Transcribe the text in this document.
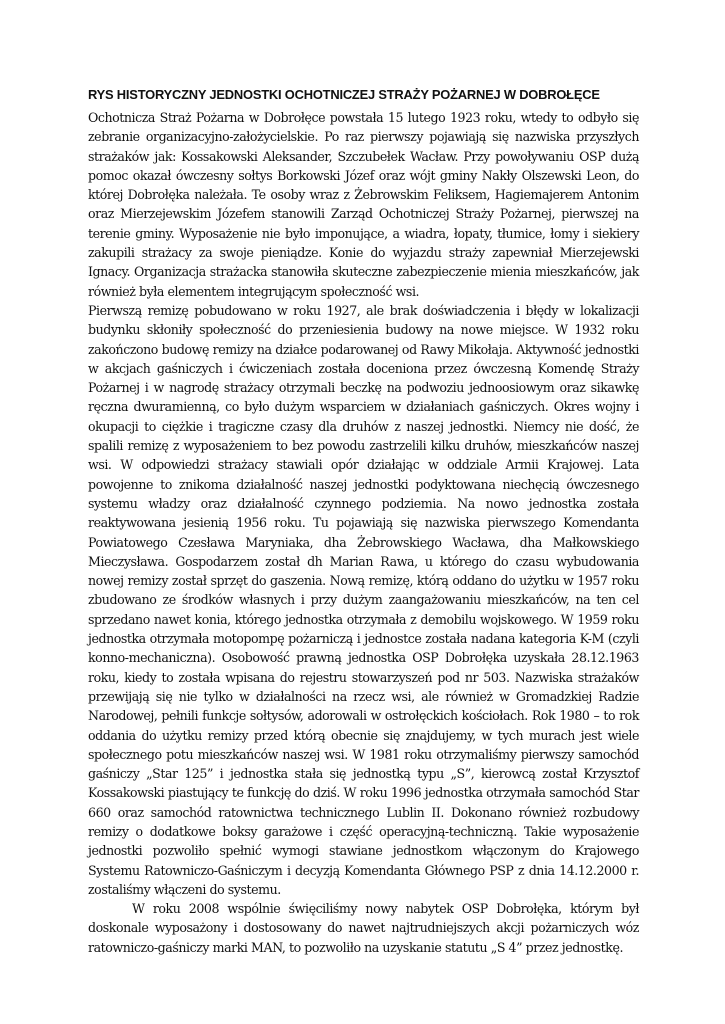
RYS HISTORYCZNY JEDNOSTKI OCHOTNICZEJ STRAŻY POŻARNEJ W DOBROŁĘCE

Ochotnicza Straż Pożarna w Dobrołęce powstała 15 lutego 1923 roku, wtedy to odbyło się zebranie organizacyjno-założycielskie. Po raz pierwszy pojawiają się nazwiska przyszłych strażaków jak: Kossakowski Aleksander, Szczubełek Wacław. Przy powoływaniu OSP dużą pomoc okazał ówczesny sołtys Borkowski Józef oraz wójt gminy Nakły Olszewski Leon, do której Dobrołęka należała. Te osoby wraz z Żebrowskim Feliksem, Hagiemajerem Antonim oraz Mierzejewskim Józefem stanowili Zarząd Ochotniczej Straży Pożarnej, pierwszej na terenie gminy. Wyposażenie nie było imponujące, a wiadra, łopaty, tłumice, łomy i siekiery zakupili strażacy za swoje pieniądze. Konie do wyjazdu straży zapewniał Mierzejewski Ignacy. Organizacja strażacka stanowiła skuteczne zabezpieczenie mienia mieszkańców, jak również była elementem integrującym społeczność wsi.

Pierwszą remizę pobudowano w roku 1927, ale brak doświadczenia i błędy w lokalizacji budynku skłoniły społeczność do przeniesienia budowy na nowe miejsce. W 1932 roku zakończono budowę remizy na działce podarowanej od Rawy Mikołaja. Aktywność jednostki w akcjach gaśniczych i ćwiczeniach została doceniona przez ówczesną Komendę Straży Pożarnej i w nagrodę strażacy otrzymali beczkę na podwoziu jednoosiowym oraz sikawkę ręczna dwuramienną, co było dużym wsparciem w działaniach gaśniczych. Okres wojny i okupacji to ciężkie i tragiczne czasy dla druhów z naszej jednostki. Niemcy nie dość, że spalili remizę z wyposażeniem to bez powodu zastrzelili kilku druhów, mieszkańców naszej wsi. W odpowiedzi strażacy stawiali opór działając w oddziale Armii Krajowej. Lata powojenne to znikoma działalność naszej jednostki podyktowana niechęcią ówczesnego systemu władzy oraz działalność czynnego podziemia. Na nowo jednostka została reaktywowana jesienią 1956 roku. Tu pojawiają się nazwiska pierwszego Komendanta Powiatowego Czesława Maryniaka, dha Żebrowskiego Wacława, dha Małkowskiego Mieczysława. Gospodarzem został dh Marian Rawa, u którego do czasu wybudowania nowej remizy został sprzęt do gaszenia. Nową remizę, którą oddano do użytku w 1957 roku zbudowano ze środków własnych i przy dużym zaangażowaniu mieszkańców, na ten cel sprzedano nawet konia, którego jednostka otrzymała z demobilu wojskowego. W 1959 roku jednostka otrzymała motopompę pożarniczą i jednostce została nadana kategoria K-M (czyli konno-mechaniczna). Osobowość prawną jednostka OSP Dobrołęka uzyskała 28.12.1963 roku, kiedy to została wpisana do rejestru stowarzyszeń pod nr 503. Nazwiska strażaków przewijają się nie tylko w działalności na rzecz wsi, ale również w Gromadzkiej Radzie Narodowej, pełnili funkcje sołtysów, adorowali w ostrołęckich kościołach. Rok 1980 – to rok oddania do użytku remizy przed którą obecnie się znajdujemy, w tych murach jest wiele społecznego potu mieszkańców naszej wsi. W 1981 roku otrzymaliśmy pierwszy samochód gaśniczy „Star 125” i jednostka stała się jednostką typu „S”, kierowcą został Krzysztof Kossakowski piastujący te funkcję do dziś. W roku 1996 jednostka otrzymała samochód Star 660 oraz samochód ratownictwa technicznego Lublin II. Dokonano również rozbudowy remizy o dodatkowe boksy garażowe i część operacyjną-techniczną. Takie wyposażenie jednostki pozwoliło spełnić wymogi stawiane jednostkom włączonym do Krajowego Systemu Ratowniczo-Gaśniczym i decyzją Komendanta Głównego PSP z dnia 14.12.2000 r. zostaliśmy włączeni do systemu.

W roku 2008 wspólnie święciliśmy nowy nabytek OSP Dobrołęka, którym był doskonale wyposażony i dostosowany do nawet najtrudniejszych akcji pożarniczych wóz ratowniczo-gaśniczy marki MAN, to pozwoliło na uzyskanie statutu „S 4” przez jednostkę.
